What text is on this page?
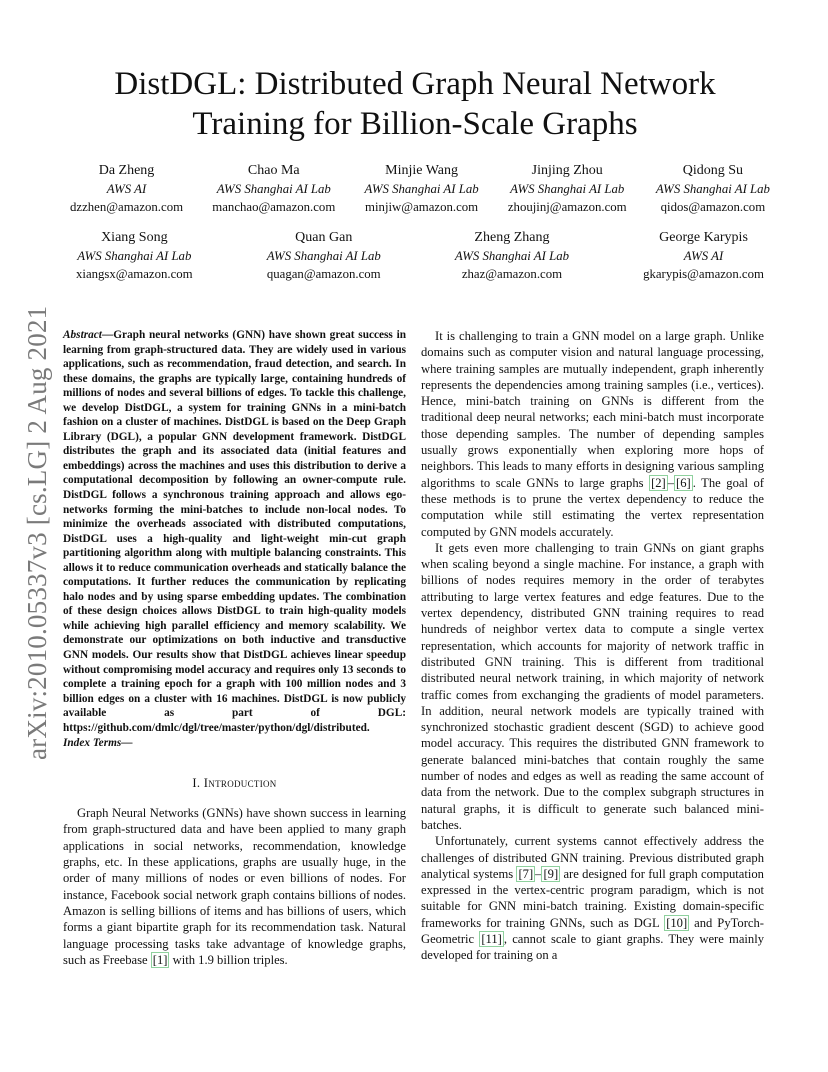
arXiv:2010.05337v3 [cs.LG] 2 Aug 2021
DistDGL: Distributed Graph Neural Network Training for Billion-Scale Graphs
Da Zheng
AWS AI
dzzhen@amazon.com
Chao Ma
AWS Shanghai AI Lab
manchao@amazon.com
Minjie Wang
AWS Shanghai AI Lab
minjiw@amazon.com
Jinjing Zhou
AWS Shanghai AI Lab
zhoujinj@amazon.com
Qidong Su
AWS Shanghai AI Lab
qidos@amazon.com
Xiang Song
AWS Shanghai AI Lab
xiangsx@amazon.com
Quan Gan
AWS Shanghai AI Lab
quagan@amazon.com
Zheng Zhang
AWS Shanghai AI Lab
zhaz@amazon.com
George Karypis
AWS AI
gkarypis@amazon.com
Abstract—Graph neural networks (GNN) have shown great success in learning from graph-structured data. They are widely used in various applications, such as recommendation, fraud detection, and search. In these domains, the graphs are typically large, containing hundreds of millions of nodes and several billions of edges. To tackle this challenge, we develop DistDGL, a system for training GNNs in a mini-batch fashion on a cluster of machines. DistDGL is based on the Deep Graph Library (DGL), a popular GNN development framework. DistDGL distributes the graph and its associated data (initial features and embeddings) across the machines and uses this distribution to derive a computational decomposition by following an owner-compute rule. DistDGL follows a synchronous training approach and allows ego-networks forming the mini-batches to include non-local nodes. To minimize the overheads associated with distributed computations, DistDGL uses a high-quality and light-weight min-cut graph partitioning algorithm along with multiple balancing constraints. This allows it to reduce communication overheads and statically balance the computations. It further reduces the communication by replicating halo nodes and by using sparse embedding updates. The combination of these design choices allows DistDGL to train high-quality models while achieving high parallel efficiency and memory scalability. We demonstrate our optimizations on both inductive and transductive GNN models. Our results show that DistDGL achieves linear speedup without compromising model accuracy and requires only 13 seconds to complete a training epoch for a graph with 100 million nodes and 3 billion edges on a cluster with 16 machines. DistDGL is now publicly available as part of DGL: https://github.com/dmlc/dgl/tree/master/python/dgl/distributed.
Index Terms—
I. Introduction

Graph Neural Networks (GNNs) have shown success in learning from graph-structured data and have been applied to many graph applications in social networks, recommendation, knowledge graphs, etc. In these applications, graphs are usually huge, in the order of many millions of nodes or even billions of nodes. For instance, Facebook social network graph contains billions of nodes. Amazon is selling billions of items and has billions of users, which forms a giant bipartite graph for its recommendation task. Natural language processing tasks take advantage of knowledge graphs, such as Freebase [1] with 1.9 billion triples.

It is challenging to train a GNN model on a large graph. Unlike domains such as computer vision and natural language processing, where training samples are mutually independent, graph inherently represents the dependencies among training samples (i.e., vertices). Hence, mini-batch training on GNNs is different from the traditional deep neural networks; each mini-batch must incorporate those depending samples. The number of depending samples usually grows exponentially when exploring more hops of neighbors. This leads to many efforts in designing various sampling algorithms to scale GNNs to large graphs [2] – [6] . The goal of these methods is to prune the vertex dependency to reduce the computation while still estimating the vertex representation computed by GNN models accurately.

It gets even more challenging to train GNNs on giant graphs when scaling beyond a single machine. For instance, a graph with billions of nodes requires memory in the order of terabytes attributing to large vertex features and edge features. Due to the vertex dependency, distributed GNN training requires to read hundreds of neighbor vertex data to compute a single vertex representation, which accounts for majority of network traffic in distributed GNN training. This is different from traditional distributed neural network training, in which majority of network traffic comes from exchanging the gradients of model parameters. In addition, neural network models are typically trained with synchronized stochastic gradient descent (SGD) to achieve good model accuracy. This requires the distributed GNN framework to generate balanced mini-batches that contain roughly the same number of nodes and edges as well as reading the same account of data from the network. Due to the complex subgraph structures in natural graphs, it is difficult to generate such balanced mini-batches.

Unfortunately, current systems cannot effectively address the challenges of distributed GNN training. Previous distributed graph analytical systems [7] – [9] are designed for full graph computation expressed in the vertex-centric program paradigm, which is not suitable for GNN mini-batch training. Existing domain-specific frameworks for training GNNs, such as DGL [10] and PyTorch-Geometric [11] , cannot scale to giant graphs. They were mainly developed for training on a
